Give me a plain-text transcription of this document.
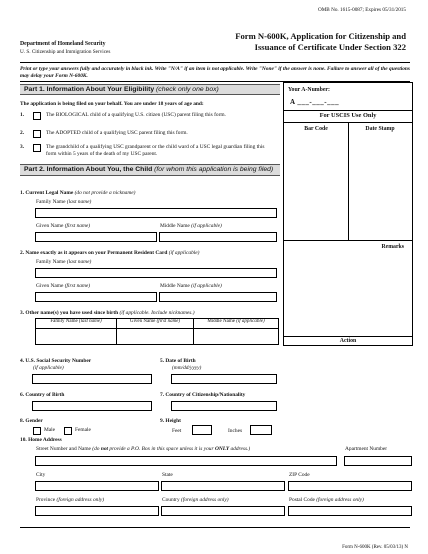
OMB No. 1615-0087; Expires 05/31/2015
Form N-600K, Application for Citizenship and
Issuance of Certificate Under Section 322
Department of Homeland Security
U. S. Citizenship and Immigration Services
Print or type your answers fully and accurately in black ink. Write "N/A" if an item is not applicable. Write "None" if the answer is none. Failure to answer all of the questions may delay your Form N-600K.
Part 1. Information About Your Eligibility (check only one box)
The application is being filed on your behalf. You are under 18 years of age and:
1.	The BIOLOGICAL child of a qualifying U.S. citizen (USC) parent filing this form.
2.	The ADOPTED child of a qualifying USC parent filing this form.
3.	The grandchild of a qualifying USC grandparent or the child ward of a USC legal guardian filing this form within 5 years of the death of my USC parent.
Part 2. Information About You, the Child (for whom this application is being filed)
1. Current Legal Name (do not provide a nickname)
Family Name (last name)
Given Name (first name)	Middle Name (if applicable)
2. Name exactly as it appears on your Permanent Resident Card (if applicable)
Family Name (last name)
Given Name (first name)	Middle Name (if applicable)
3. Other name(s) you have used since birth (if applicable. Include nicknames.)
Family Name (last name)	Given Name (first name)	Middle Name (if applicable)
4. U.S. Social Security Number
(if applicable)
5. Date of Birth
(mm/dd/yyyy)
6. Country of Birth	7. Country of Citizenship/Nationality
8. Gender
Male	Female
9. Height
Feet	Inches
10. Home Address
Street Number and Name (do not provide a P.O. Box in this space unless it is your ONLY address.)	Apartment Number
City	State	ZIP Code
Province (foreign address only)	Country (foreign address only)	Postal Code (foreign address only)
Form N-600K (Rev. 05/03/13) N
Your A-Number:
A ___-___-___
For USCIS Use Only
Bar Code	Date Stamp
Remarks
Action
